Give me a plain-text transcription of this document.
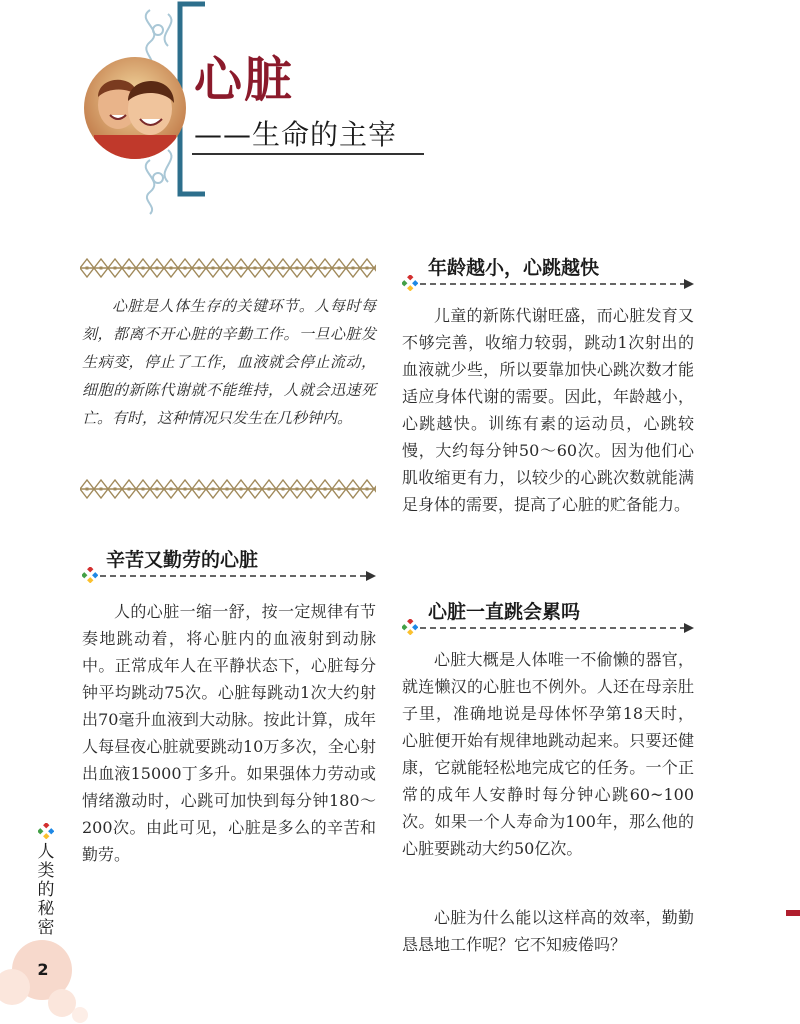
心脏
——生命的主宰

心脏是人体生存的关键环节。人每时每刻，都离不开心脏的辛勤工作。一旦心脏发生病变，停止了工作，血液就会停止流动，细胞的新陈代谢就不能维持，人就会迅速死亡。有时，这种情况只发生在几秒钟内。

辛苦又勤劳的心脏

人的心脏一缩一舒，按一定规律有节奏地跳动着，将心脏内的血液射到动脉中。正常成年人在平静状态下，心脏每分钟平均跳动75次。心脏每跳动1次大约射出70毫升血液到大动脉。按此计算，成年人每昼夜心脏就要跳动10万多次，全心射出血液15000丁多升。如果强体力劳动或情绪激动时，心跳可加快到每分钟180～200次。由此可见，心脏是多么的辛苦和勤劳。

年龄越小，心跳越快

儿童的新陈代谢旺盛，而心脏发育又不够完善，收缩力较弱，跳动1次射出的血液就少些，所以要靠加快心跳次数才能适应身体代谢的需要。因此，年龄越小，心跳越快。训练有素的运动员，心跳较慢，大约每分钟50～60次。因为他们心肌收缩更有力，以较少的心跳次数就能满足身体的需要，提高了心脏的贮备能力。

心脏一直跳会累吗

心脏大概是人体唯一不偷懒的器官，就连懒汉的心脏也不例外。人还在母亲肚子里，准确地说是母体怀孕第18天时，心脏便开始有规律地跳动起来。只要还健康，它就能轻松地完成它的任务。一个正常的成年人安静时每分钟心跳60~100次。如果一个人寿命为100年，那么他的心脏要跳动大约50亿次。

心脏为什么能以这样高的效率，勤勤恳恳地工作呢？它不知疲倦吗？

人
类
的
秘
密
2
